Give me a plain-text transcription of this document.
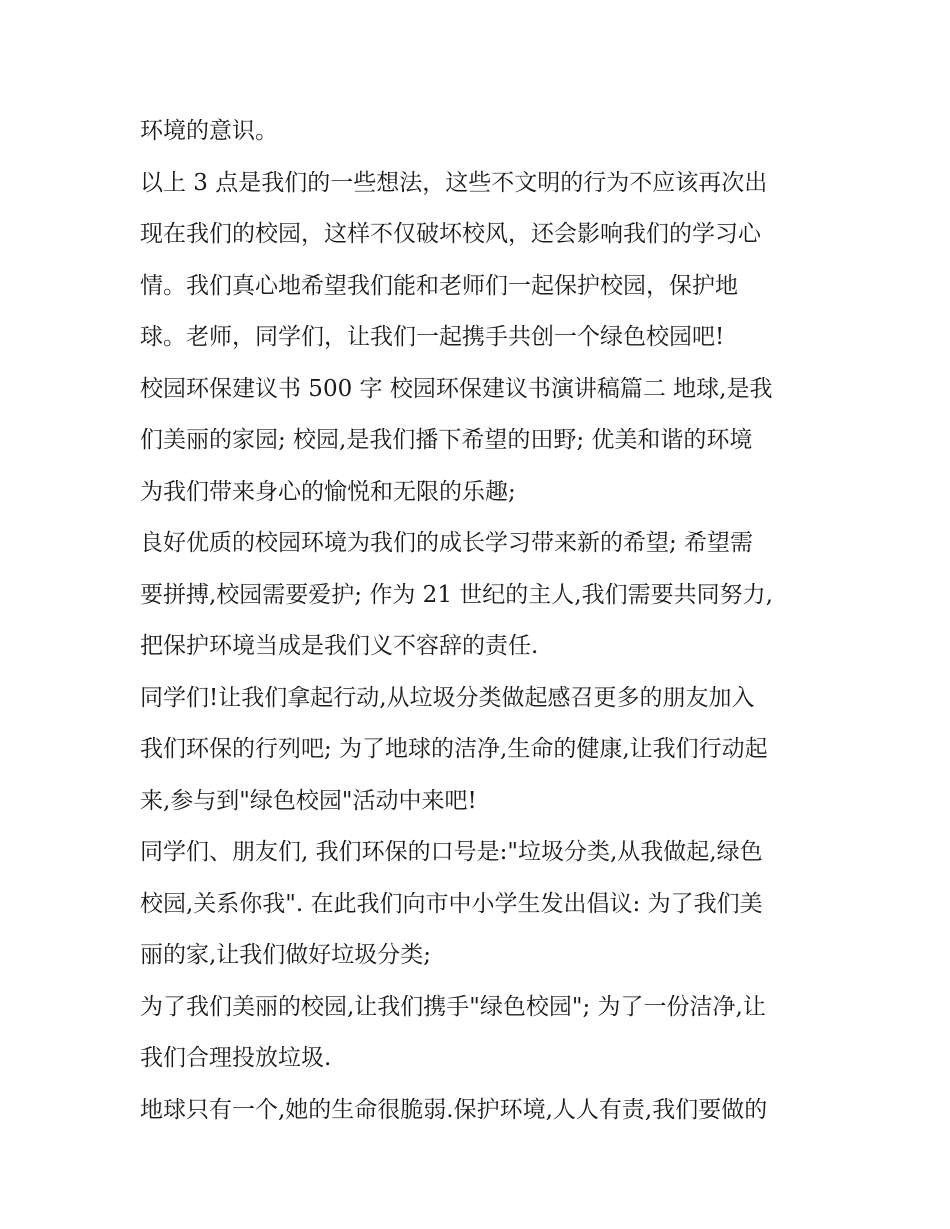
环境的意识。
以上 3 点是我们的一些想法，这些不文明的行为不应该再次出
现在我们的校园，这样不仅破坏校风，还会影响我们的学习心
情。我们真心地希望我们能和老师们一起保护校园，保护地
球。老师，同学们，让我们一起携手共创一个绿色校园吧!
校园环保建议书 500 字 校园环保建议书演讲稿篇二 地球,是我
们美丽的家园; 校园,是我们播下希望的田野; 优美和谐的环境
为我们带来身心的愉悦和无限的乐趣;
良好优质的校园环境为我们的成长学习带来新的希望; 希望需
要拼搏,校园需要爱护; 作为 21 世纪的主人,我们需要共同努力,
把保护环境当成是我们义不容辞的责任.
同学们!让我们拿起行动,从垃圾分类做起感召更多的朋友加入
我们环保的行列吧; 为了地球的洁净,生命的健康,让我们行动起
来,参与到"绿色校园"活动中来吧!
同学们、朋友们, 我们环保的口号是:"垃圾分类,从我做起,绿色
校园,关系你我". 在此我们向市中小学生发出倡议: 为了我们美
丽的家,让我们做好垃圾分类;
为了我们美丽的校园,让我们携手"绿色校园"; 为了一份洁净,让
我们合理投放垃圾.
地球只有一个,她的生命很脆弱.保护环境,人人有责,我们要做的
